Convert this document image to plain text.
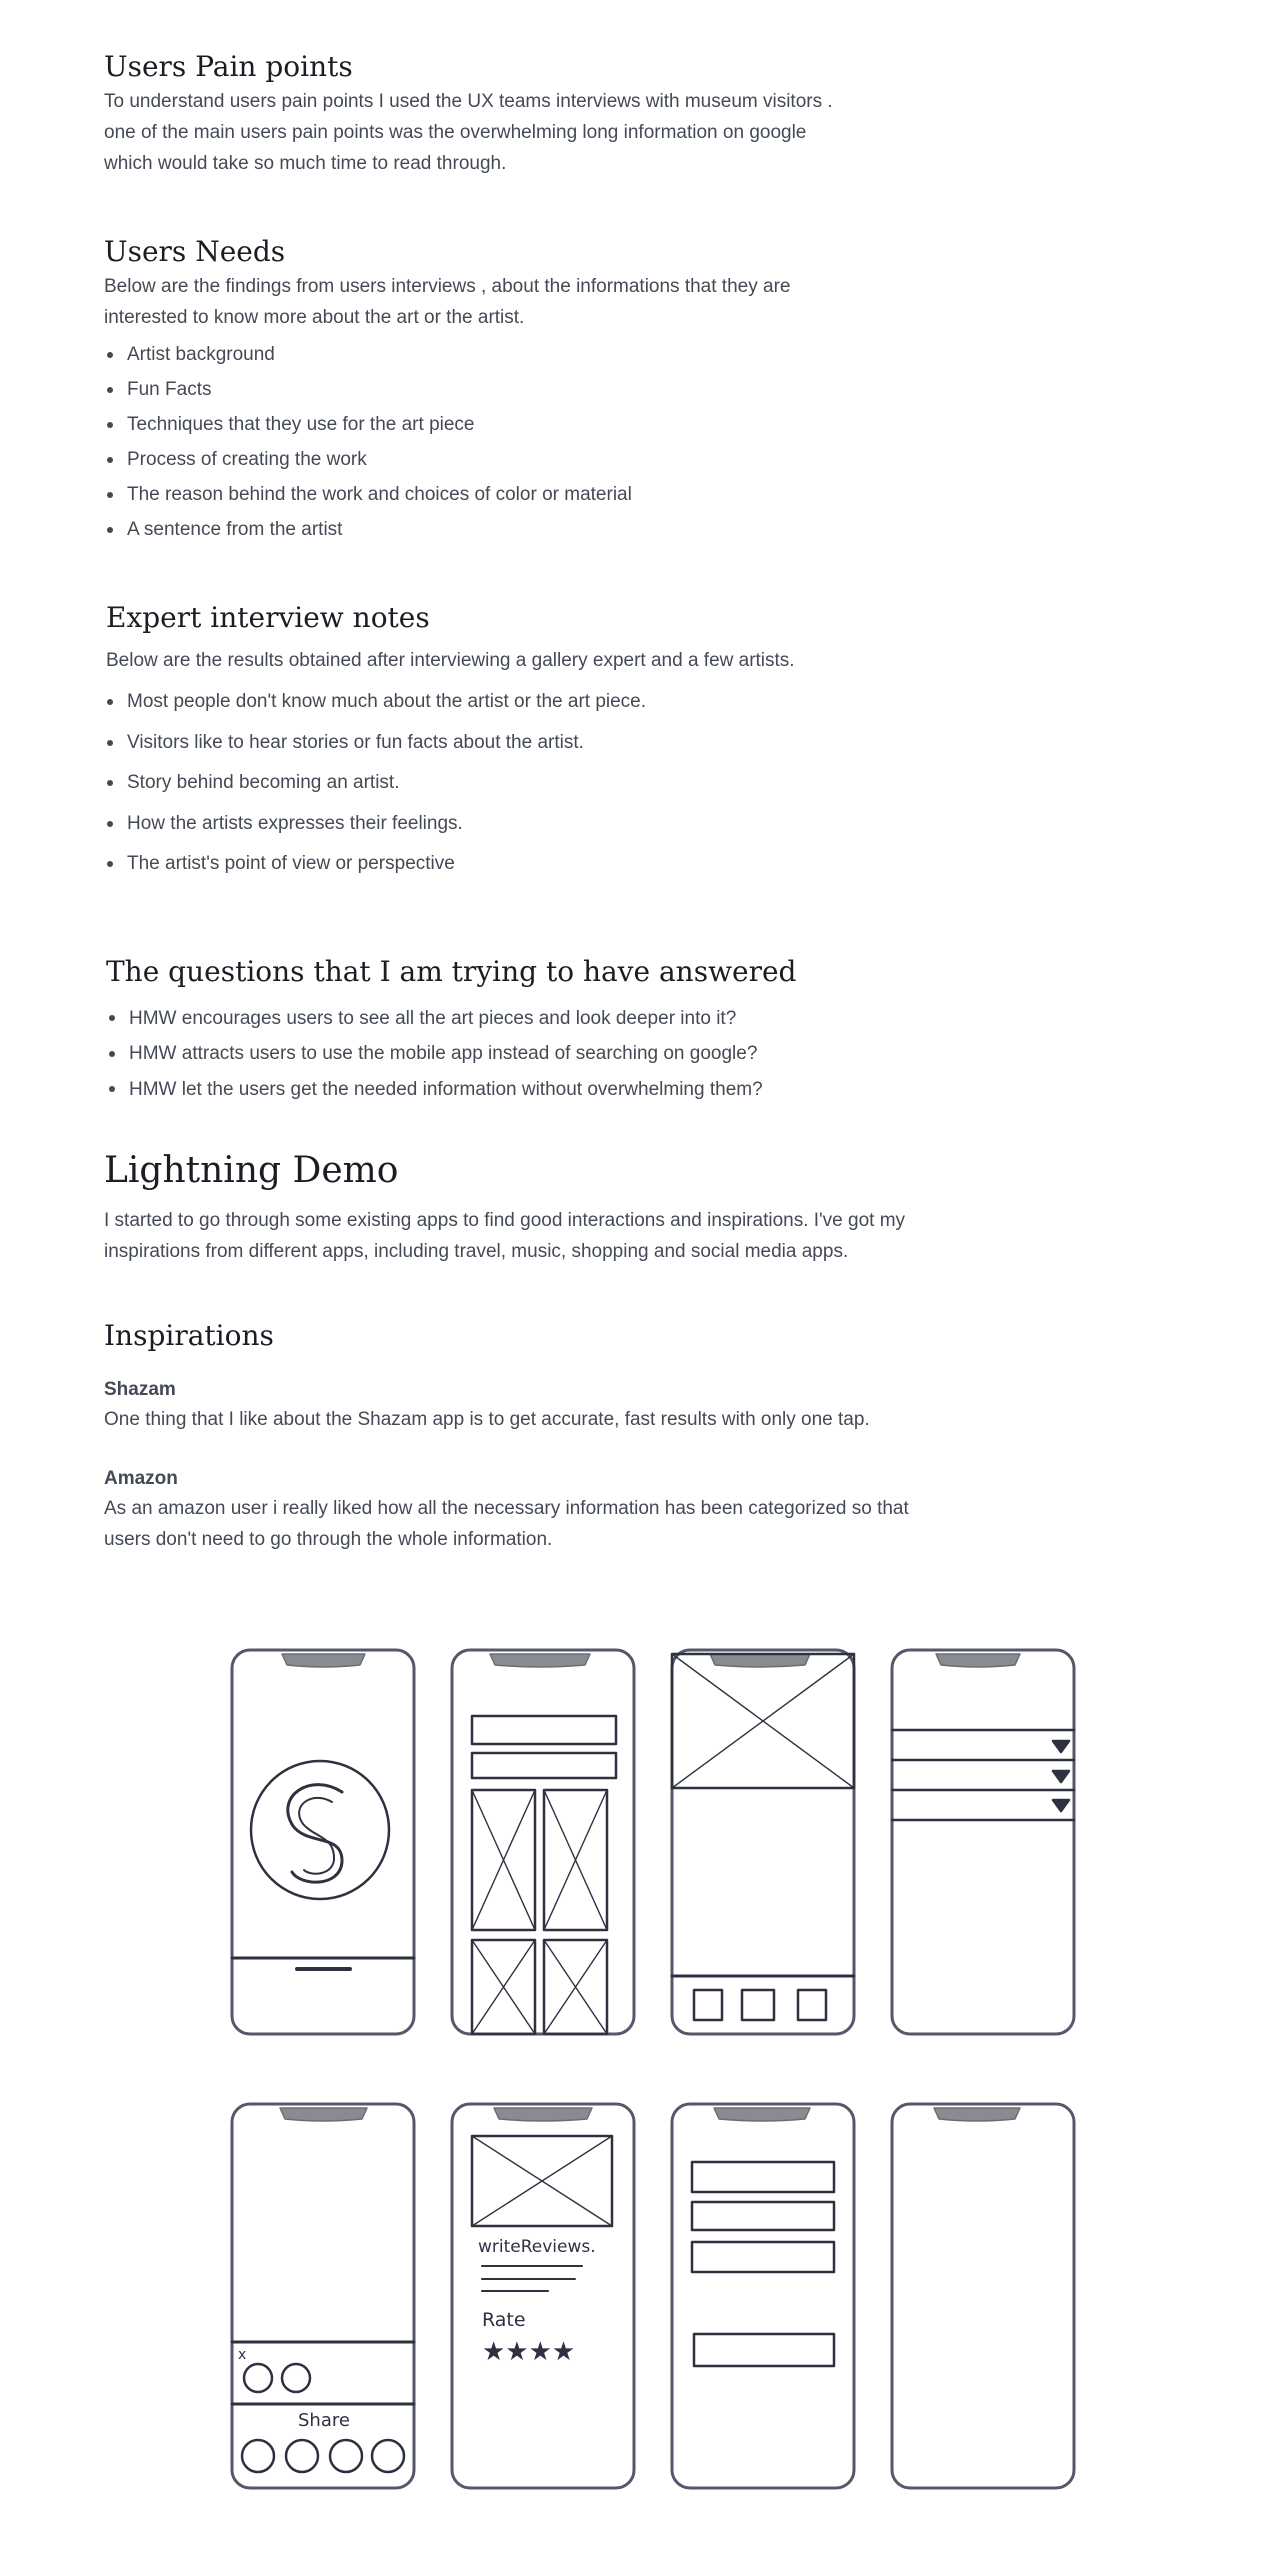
Users Pain points

To understand users pain points I used the UX teams interviews with museum visitors .

one of the main users pain points was the overwhelming long information on google

which would take so much time to read through.

Users Needs

Below are the findings from users interviews , about the informations that they are

interested to know more about the art or the artist.

Artist background
Fun Facts
Techniques that they use for the art piece
Process of creating the work
The reason behind the work and choices of color or material
A sentence from the artist
Expert interview notes

Below are the results obtained after interviewing a gallery expert and a few artists.

Most people don't know much about the artist or the art piece.
Visitors like to hear stories or fun facts about the artist.
Story behind becoming an artist.
How the artists expresses their feelings.
The artist's point of view or perspective
The questions that I am trying to have answered
HMW encourages users to see all the art pieces and look deeper into it?
HMW attracts users to use the mobile app instead of searching on google?
HMW let the users get the needed information without overwhelming them?
Lightning Demo

I started to go through some existing apps to find good interactions and inspirations. I've got my

inspirations from different apps, including travel, music, shopping and social media apps.

Inspirations
Shazam

One thing that I like about the Shazam app is to get accurate, fast results with only one tap.

Amazon

As an amazon user i really liked how all the necessary information has been categorized so that

users don't need to go through the whole information.

x
Share
writeReviews.
Rate
★★★★
